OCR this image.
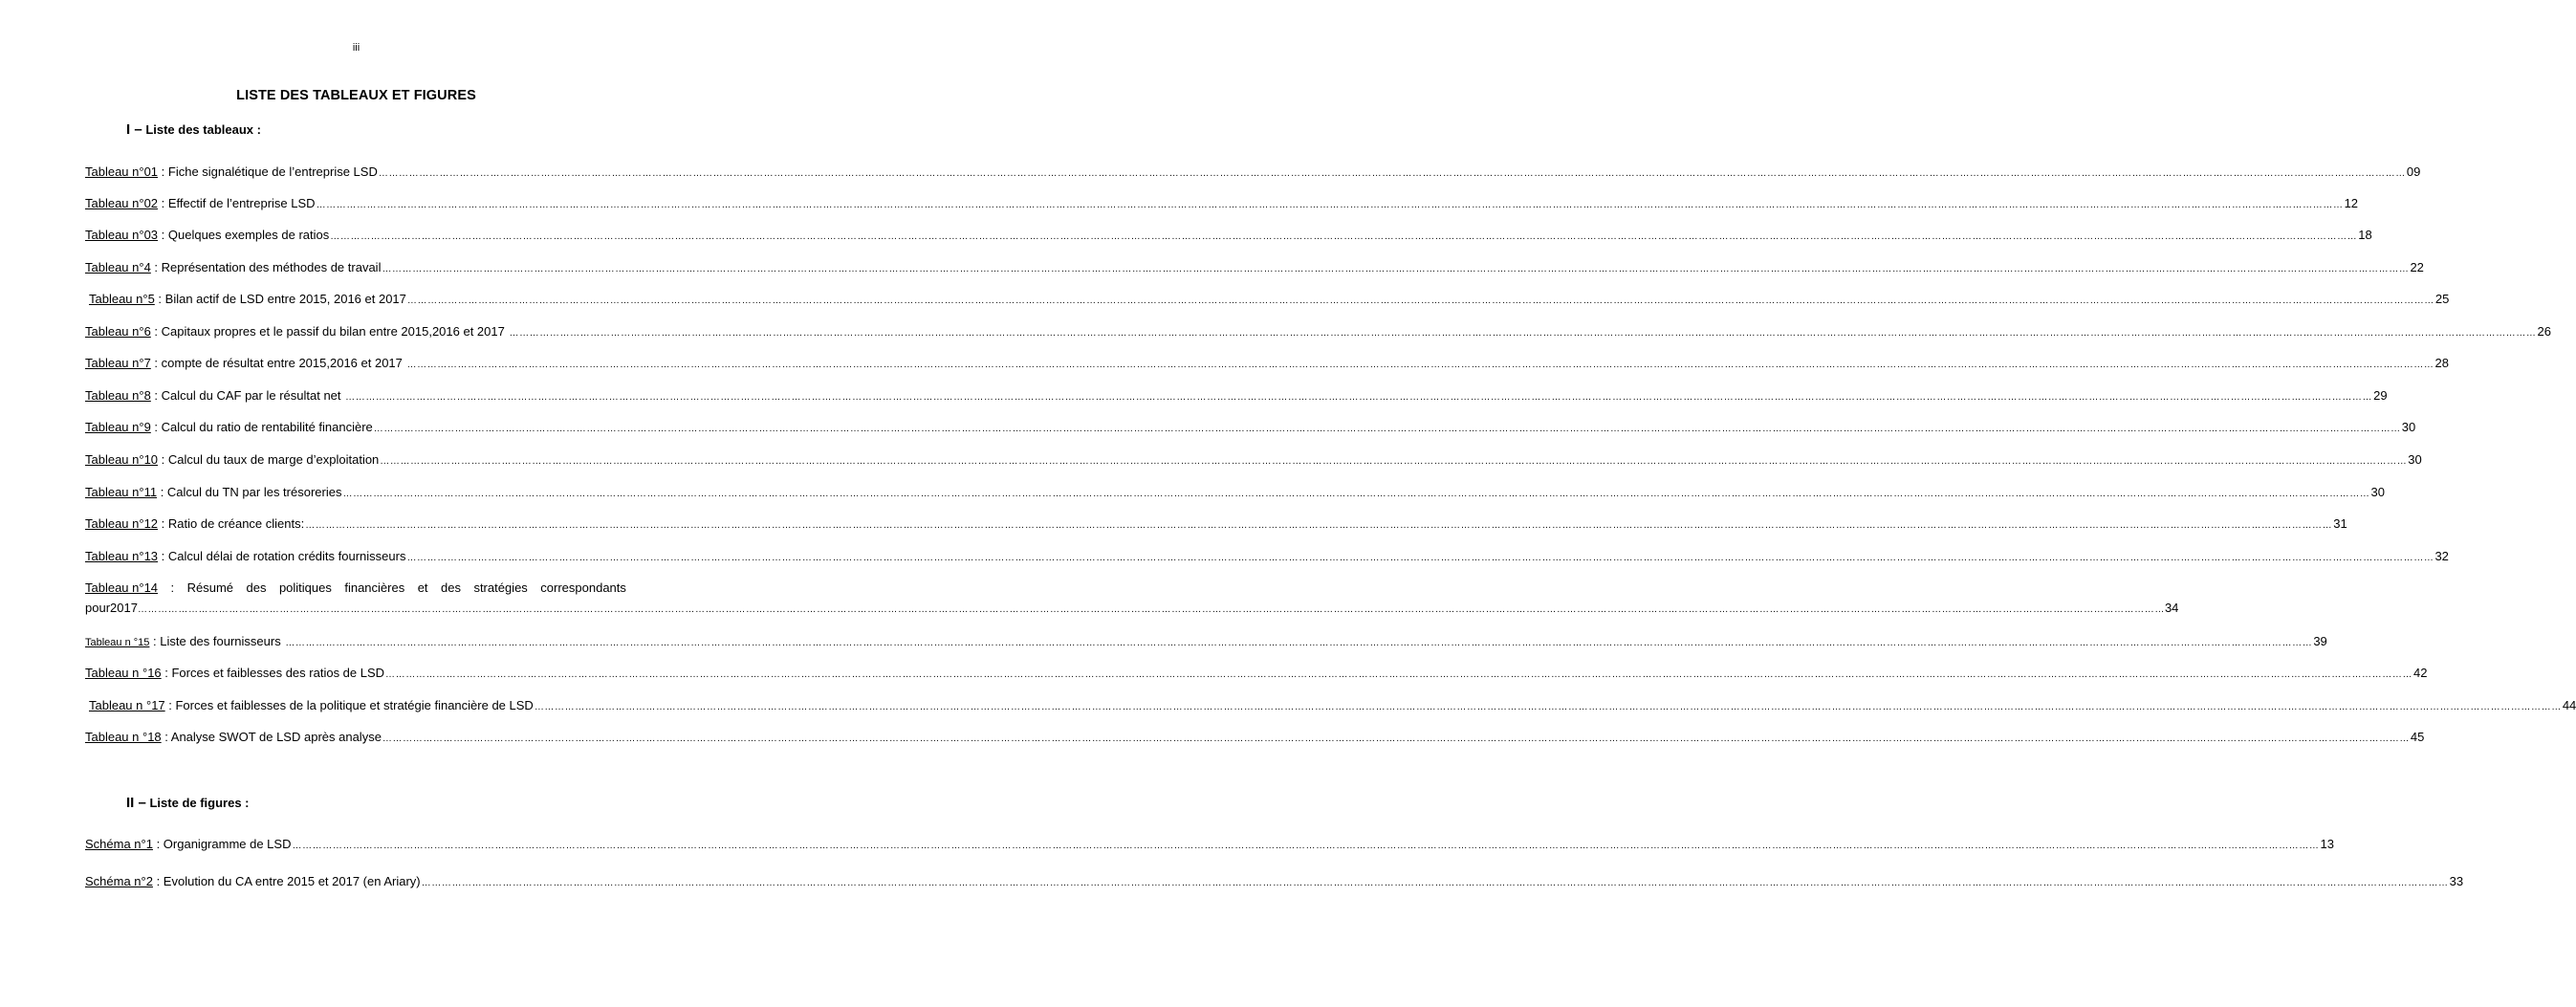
iii
LISTE DES TABLEAUX ET FIGURES
I – Liste des tableaux :
Tableau n°01 : Fiche signalétique de l’entreprise LSD …………………………………………………………………………………………………………………………………………………………………………………………………………………………………………………………………………………………………………………………………………………………………………………………………………………………………………………………………………………………………………………………………………………… 09
Tableau n°02 : Effectif de l’entreprise LSD …………………………………………………………………………………………………………………………………………………………………………………………………………………………………………………………………………………………………………………………………………………………………………………………………………………………………………………………………………………………………………………………………………………… 12
Tableau n°03 : Quelques exemples de ratios …………………………………………………………………………………………………………………………………………………………………………………………………………………………………………………………………………………………………………………………………………………………………………………………………………………………………………………………………………………………………………………………………………………… 18
Tableau n°4 : Représentation des méthodes de travail …………………………………………………………………………………………………………………………………………………………………………………………………………………………………………………………………………………………………………………………………………………………………………………………………………………………………………………………………………………………………………………………………………………… 22
Tableau n°5 : Bilan actif de LSD entre 2015, 2016 et 2017 …………………………………………………………………………………………………………………………………………………………………………………………………………………………………………………………………………………………………………………………………………………………………………………………………………………………………………………………………………………………………………………………………………………… 25
Tableau n°6 : Capitaux propres et le passif du bilan entre 2015,2016 et 2017 …………………………………………………………………………………………………………………………………………………………………………………………………………………………………………………………………………………………………………………………………………………………………………………………………………………………………………………………………………………………………………………………………………………… 26
Tableau n°7 : compte de résultat entre 2015,2016 et 2017 …………………………………………………………………………………………………………………………………………………………………………………………………………………………………………………………………………………………………………………………………………………………………………………………………………………………………………………………………………………………………………………………………………………… 28
Tableau n°8 : Calcul du CAF par le résultat net …………………………………………………………………………………………………………………………………………………………………………………………………………………………………………………………………………………………………………………………………………………………………………………………………………………………………………………………………………………………………………………………………………………… 29
Tableau n°9 : Calcul du ratio de rentabilité financière …………………………………………………………………………………………………………………………………………………………………………………………………………………………………………………………………………………………………………………………………………………………………………………………………………………………………………………………………………………………………………………………………………………… 30
Tableau n°10 : Calcul du taux de marge d’exploitation …………………………………………………………………………………………………………………………………………………………………………………………………………………………………………………………………………………………………………………………………………………………………………………………………………………………………………………………………………………………………………………………………………………… 30
Tableau n°11 : Calcul du TN par les trésoreries …………………………………………………………………………………………………………………………………………………………………………………………………………………………………………………………………………………………………………………………………………………………………………………………………………………………………………………………………………………………………………………………………………………… 30
Tableau n°12 : Ratio de créance clients: …………………………………………………………………………………………………………………………………………………………………………………………………………………………………………………………………………………………………………………………………………………………………………………………………………………………………………………………………………………………………………………………………………………… 31
Tableau n°13 : Calcul délai de rotation crédits fournisseurs …………………………………………………………………………………………………………………………………………………………………………………………………………………………………………………………………………………………………………………………………………………………………………………………………………………………………………………………………………………………………………………………………………………… 32
Tableau n°14 : Résumé des politiques financières et des stratégies correspondants
pour2017 …………………………………………………………………………………………………………………………………………………………………………………………………………………………………………………………………………………………………………………………………………………………………………………………………………………………………………………………………………………………………………………………………………………… 34
Tableau n °15 : Liste des fournisseurs …………………………………………………………………………………………………………………………………………………………………………………………………………………………………………………………………………………………………………………………………………………………………………………………………………………………………………………………………………………………………………………………………………………… 39
Tableau n °16 : Forces et faiblesses des ratios de LSD …………………………………………………………………………………………………………………………………………………………………………………………………………………………………………………………………………………………………………………………………………………………………………………………………………………………………………………………………………………………………………………………………………………… 42
Tableau n °17 : Forces et faiblesses de la politique et stratégie financière de LSD …………………………………………………………………………………………………………………………………………………………………………………………………………………………………………………………………………………………………………………………………………………………………………………………………………………………………………………………………………………………………………………………………………………… 44
Tableau n °18 : Analyse SWOT de LSD après analyse …………………………………………………………………………………………………………………………………………………………………………………………………………………………………………………………………………………………………………………………………………………………………………………………………………………………………………………………………………………………………………………………………………………… 45
II – Liste de figures :
Schéma n°1 : Organigramme de LSD …………………………………………………………………………………………………………………………………………………………………………………………………………………………………………………………………………………………………………………………………………………………………………………………………………………………………………………………………………………………………………………………………………………… 13
Schéma n°2 : Evolution du CA entre 2015 et 2017 (en Ariary) …………………………………………………………………………………………………………………………………………………………………………………………………………………………………………………………………………………………………………………………………………………………………………………………………………………………………………………………………………………………………………………………………………………… 33
